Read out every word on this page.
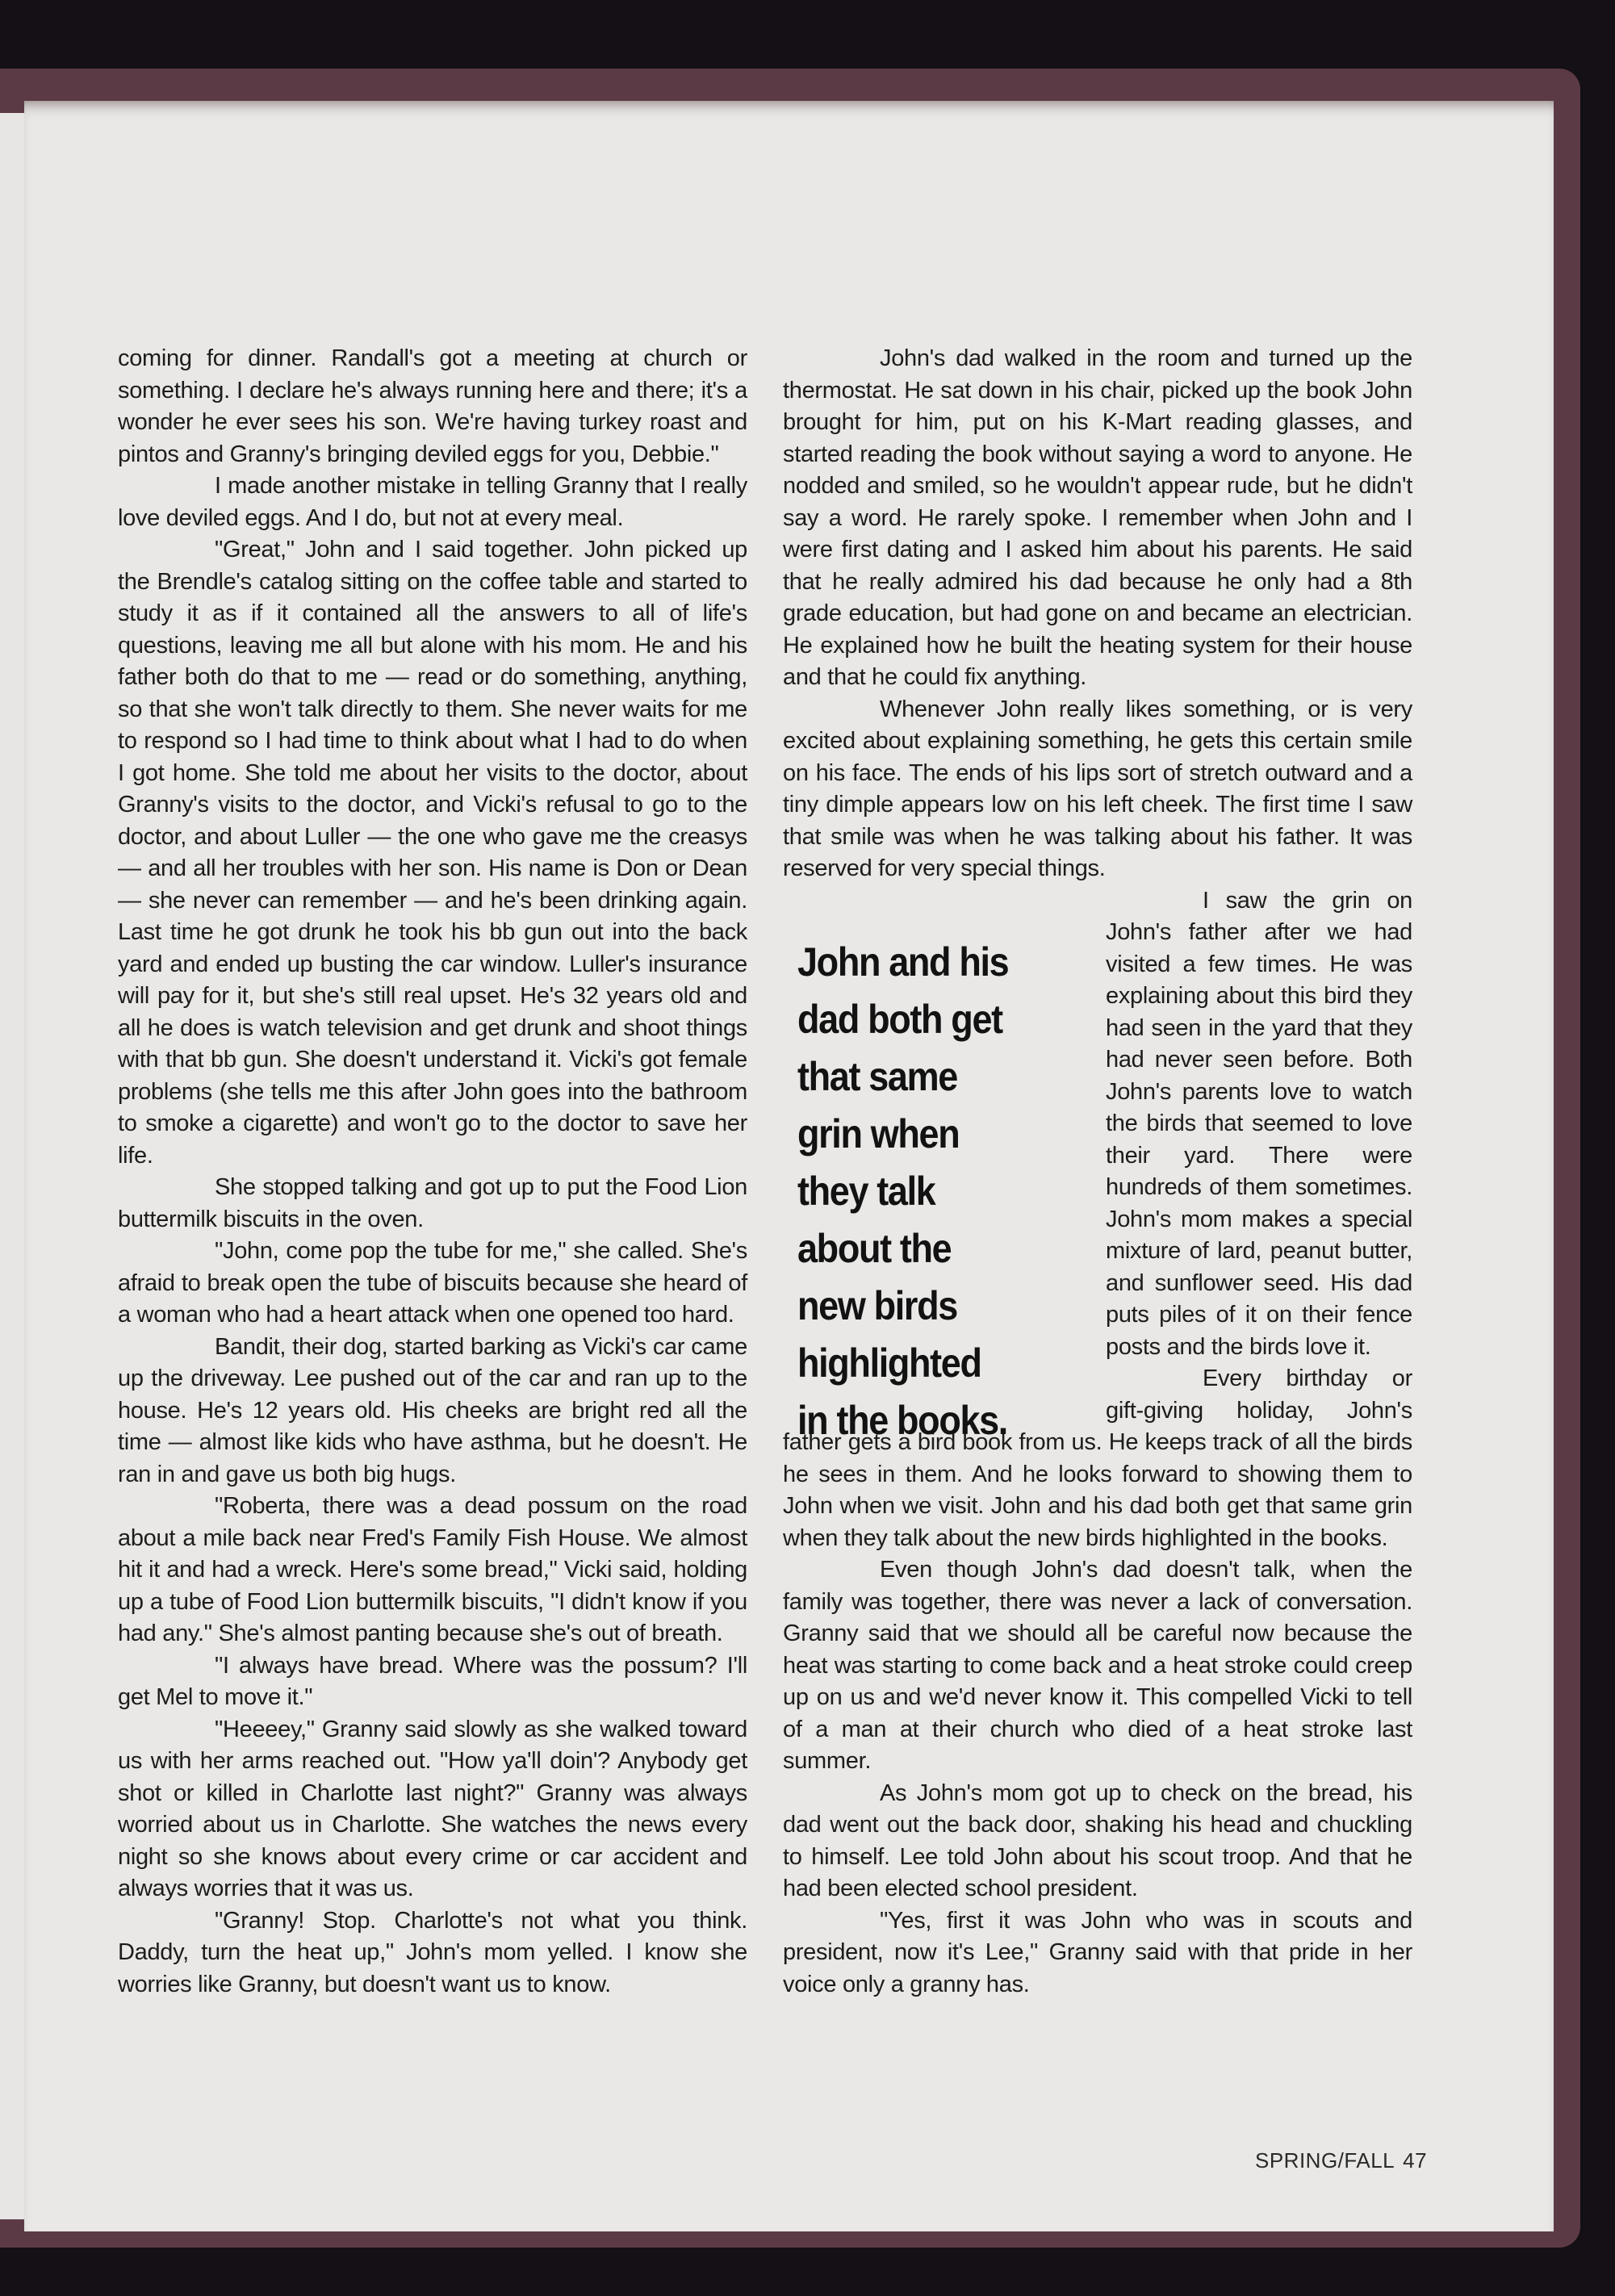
coming for dinner. Randall's got a meeting at church or something. I declare he's always running here and there; it's a wonder he ever sees his son. We're having turkey roast and pintos and Granny's bringing deviled eggs for you, Debbie."

I made another mistake in telling Granny that I really love deviled eggs. And I do, but not at every meal.

"Great," John and I said together. John picked up the Brendle's catalog sitting on the coffee table and started to study it as if it contained all the answers to all of life's questions, leaving me all but alone with his mom. He and his father both do that to me — read or do something, anything, so that she won't talk directly to them. She never waits for me to respond so I had time to think about what I had to do when I got home. She told me about her visits to the doctor, about Granny's visits to the doctor, and Vicki's refusal to go to the doctor, and about Luller — the one who gave me the creasys — and all her troubles with her son. His name is Don or Dean — she never can remember — and he's been drinking again. Last time he got drunk he took his bb gun out into the back yard and ended up busting the car window. Luller's insurance will pay for it, but she's still real upset. He's 32 years old and all he does is watch television and get drunk and shoot things with that bb gun. She doesn't understand it. Vicki's got female problems (she tells me this after John goes into the bathroom to smoke a cigarette) and won't go to the doctor to save her life.

She stopped talking and got up to put the Food Lion buttermilk biscuits in the oven.

"John, come pop the tube for me," she called. She's afraid to break open the tube of biscuits because she heard of a woman who had a heart attack when one opened too hard.

Bandit, their dog, started barking as Vicki's car came up the driveway. Lee pushed out of the car and ran up to the house. He's 12 years old. His cheeks are bright red all the time — almost like kids who have asthma, but he doesn't. He ran in and gave us both big hugs.

"Roberta, there was a dead possum on the road about a mile back near Fred's Family Fish House. We almost hit it and had a wreck. Here's some bread," Vicki said, holding up a tube of Food Lion buttermilk biscuits, "I didn't know if you had any." She's almost panting because she's out of breath.

"I always have bread. Where was the possum? I'll get Mel to move it."

"Heeeey," Granny said slowly as she walked toward us with her arms reached out. "How ya'll doin'? Anybody get shot or killed in Charlotte last night?" Granny was always worried about us in Charlotte. She watches the news every night so she knows about every crime or car accident and always worries that it was us.

"Granny! Stop. Charlotte's not what you think. Daddy, turn the heat up," John's mom yelled. I know she worries like Granny, but doesn't want us to know.

John's dad walked in the room and turned up the thermostat. He sat down in his chair, picked up the book John brought for him, put on his K-Mart reading glasses, and started reading the book without saying a word to anyone. He nodded and smiled, so he wouldn't appear rude, but he didn't say a word. He rarely spoke. I remember when John and I were first dating and I asked him about his parents. He said that he really admired his dad because he only had a 8th grade education, but had gone on and became an electrician. He explained how he built the heating system for their house and that he could fix anything.

Whenever John really likes something, or is very excited about explaining something, he gets this certain smile on his face. The ends of his lips sort of stretch outward and a tiny dimple appears low on his left cheek. The first time I saw that smile was when he was talking about his father. It was reserved for very special things.

John and his
dad both get
that same
grin when
they talk
about the
new birds
highlighted
in the books.

I saw the grin on John's father after we had visited a few times. He was explaining about this bird they had seen in the yard that they had never seen before. Both John's parents love to watch the birds that seemed to love their yard. There were hundreds of them sometimes. John's mom makes a special mixture of lard, peanut butter, and sunflower seed. His dad puts piles of it on their fence posts and the birds love it.

Every birthday or gift-giving holiday, John's father gets a bird book from us. He keeps track of all the birds he sees in them. And he looks forward to showing them to John when we visit. John and his dad both get that same grin when they talk about the new birds highlighted in the books.

Even though John's dad doesn't talk, when the family was together, there was never a lack of conversation. Granny said that we should all be careful now because the heat was starting to come back and a heat stroke could creep up on us and we'd never know it. This compelled Vicki to tell of a man at their church who died of a heat stroke last summer.

As John's mom got up to check on the bread, his dad went out the back door, shaking his head and chuckling to himself. Lee told John about his scout troop. And that he had been elected school president.

"Yes, first it was John who was in scouts and president, now it's Lee," Granny said with that pride in her voice only a granny has.

SPRING/FALL 47
